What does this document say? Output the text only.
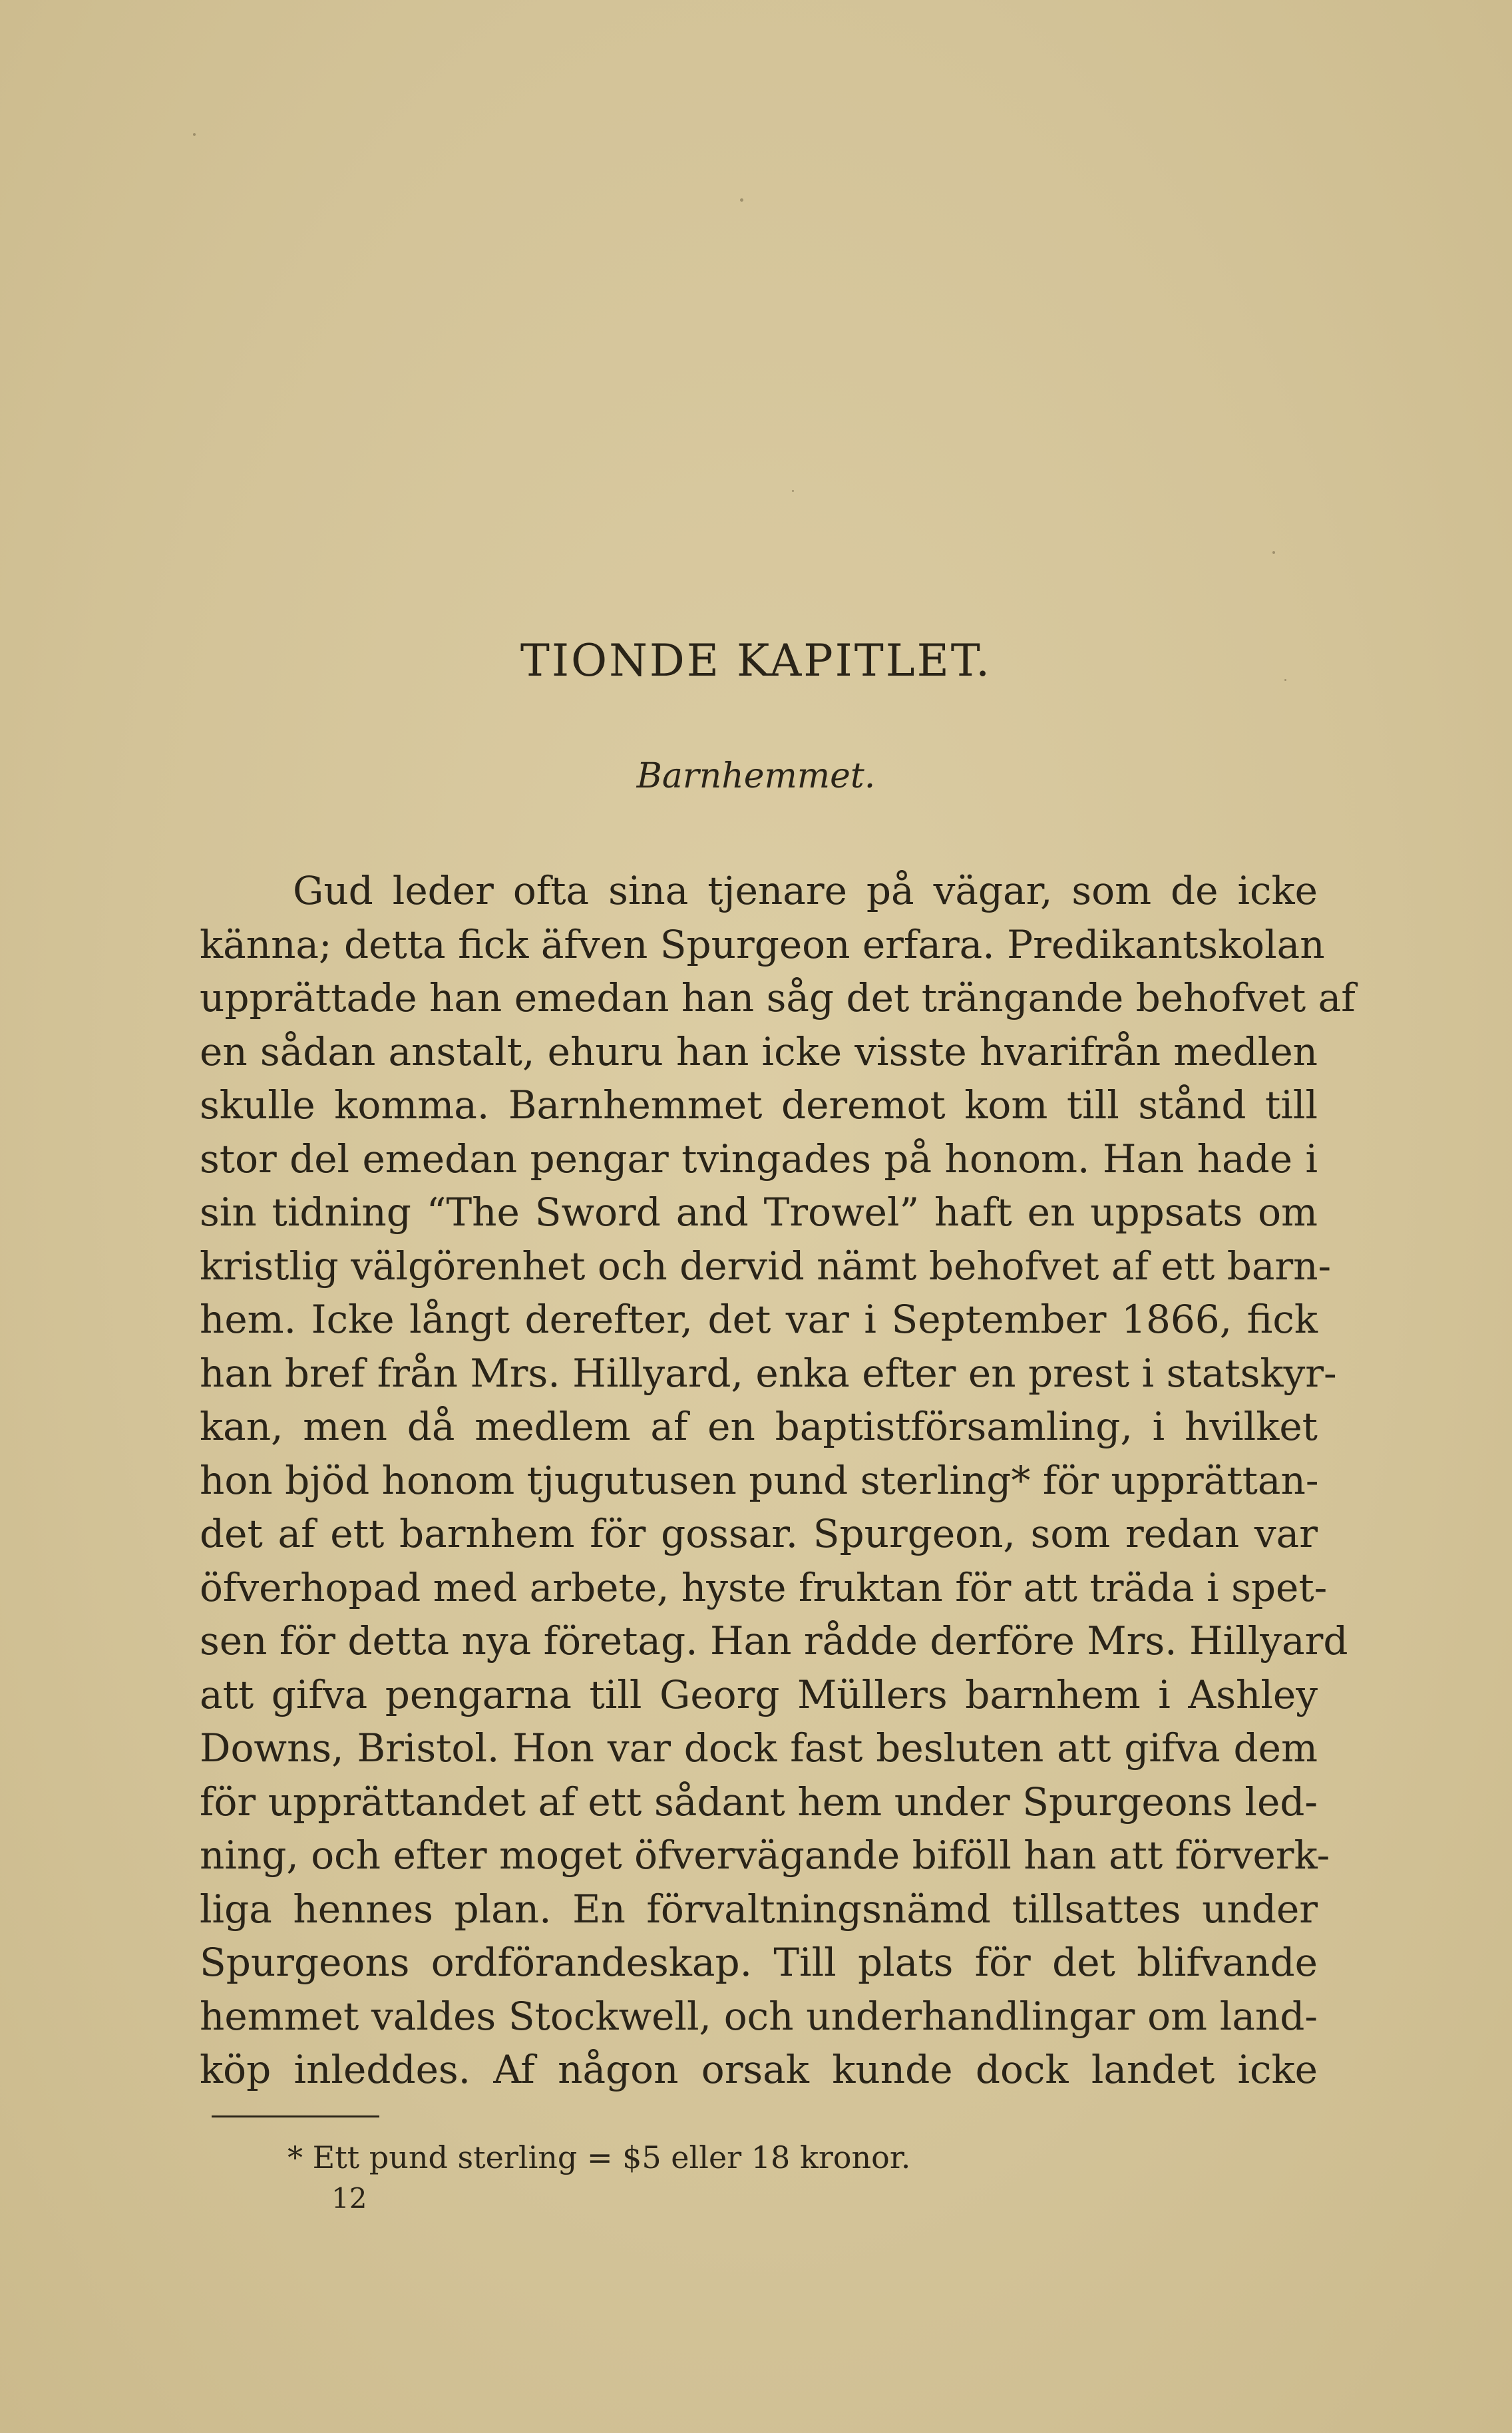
TIONDE KAPITLET.
Barnhemmet.
Gud leder ofta sina tjenare på vägar, som de icke
känna; detta fick äfven Spurgeon erfara. Predikantskolan
upprättade han emedan han såg det trängande behofvet af
en sådan anstalt, ehuru han icke visste hvarifrån medlen
skulle komma. Barnhemmet deremot kom till stånd till
stor del emedan pengar tvingades på honom. Han hade i
sin tidning “The Sword and Trowel” haft en uppsats om
kristlig välgörenhet och dervid nämt behofvet af ett barn-
hem. Icke långt derefter, det var i September 1866, fick
han bref från Mrs. Hillyard, enka efter en prest i statskyr-
kan, men då medlem af en baptistförsamling, i hvilket
hon bjöd honom tjugutusen pund sterling* för upprättan-
det af ett barnhem för gossar. Spurgeon, som redan var
öfverhopad med arbete, hyste fruktan för att träda i spet-
sen för detta nya företag. Han rådde derföre Mrs. Hillyard
att gifva pengarna till Georg Müllers barnhem i Ashley
Downs, Bristol. Hon var dock fast besluten att gifva dem
för upprättandet af ett sådant hem under Spurgeons led-
ning, och efter moget öfvervägande biföll han att förverk-
liga hennes plan. En förvaltningsnämd tillsattes under
Spurgeons ordförandeskap. Till plats för det blifvande
hemmet valdes Stockwell, och underhandlingar om land-
köp inleddes. Af någon orsak kunde dock landet icke
* Ett pund sterling = $5 eller 18 kronor.
12
